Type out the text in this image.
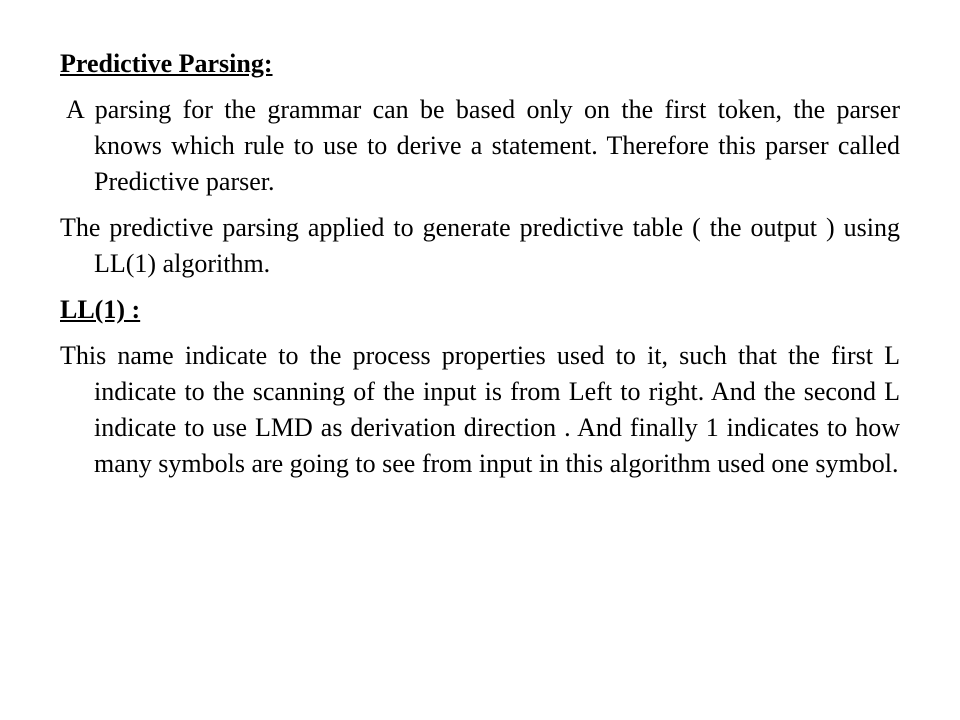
Predictive Parsing:
A parsing for the grammar can be based only on the first token, the parser knows which rule to use to derive a statement. Therefore this parser called Predictive parser.
The predictive parsing applied to generate predictive table ( the output ) using LL(1) algorithm.
LL(1) :
This name indicate to the process properties used to it, such that the first L indicate to the scanning of the input is from Left to right. And the second L indicate to use LMD as derivation direction . And finally 1 indicates to how many symbols are going to see from input in this algorithm used one symbol.
